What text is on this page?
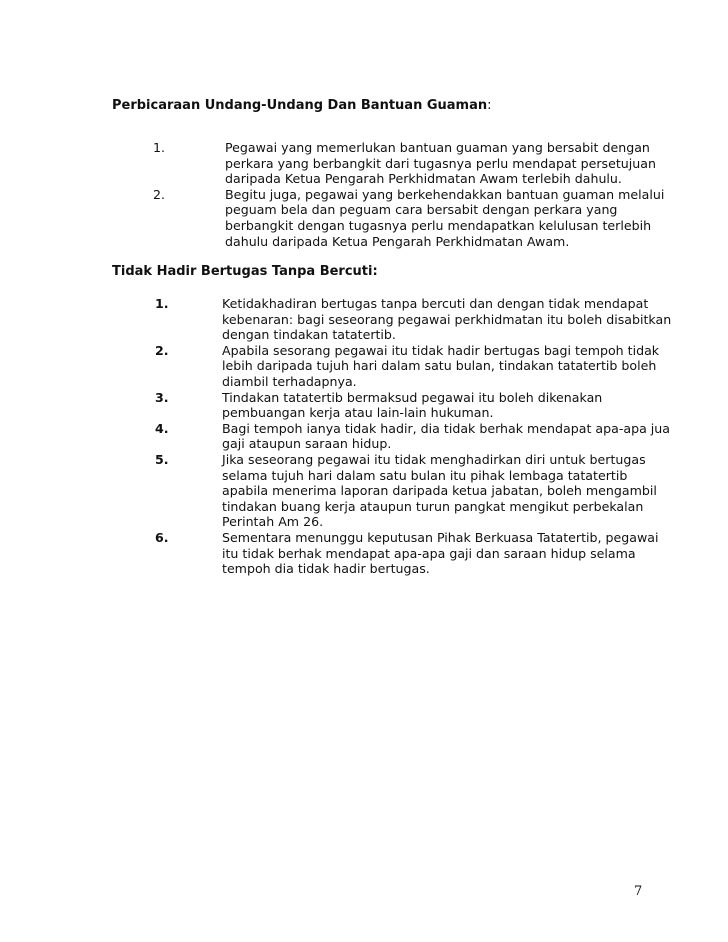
Perbicaraan Undang-Undang Dan Bantuan Guaman:
1.	Pegawai yang memerlukan bantuan guaman yang bersabit dengan perkara yang berbangkit dari tugasnya perlu mendapat persetujuan daripada Ketua Pengarah Perkhidmatan Awam terlebih dahulu.
2.	Begitu juga, pegawai yang berkehendakkan bantuan guaman melalui peguam bela dan peguam cara bersabit dengan perkara yang berbangkit dengan tugasnya perlu mendapatkan kelulusan terlebih dahulu daripada Ketua Pengarah Perkhidmatan Awam.
Tidak Hadir Bertugas Tanpa Bercuti:
1.	Ketidakhadiran bertugas tanpa bercuti dan dengan tidak mendapat kebenaran: bagi seseorang pegawai perkhidmatan itu boleh disabitkan dengan tindakan tatatertib.
2.	Apabila sesorang pegawai itu tidak hadir bertugas bagi tempoh tidak lebih daripada tujuh hari dalam satu bulan, tindakan tatatertib boleh diambil terhadapnya.
3.	Tindakan tatatertib bermaksud pegawai itu boleh dikenakan pembuangan kerja atau lain-lain hukuman.
4.	Bagi tempoh ianya tidak hadir, dia tidak berhak mendapat apa-apa jua gaji ataupun saraan hidup.
5.	Jika seseorang pegawai itu tidak menghadirkan diri untuk bertugas selama tujuh hari dalam satu bulan itu pihak lembaga tatatertib apabila menerima laporan daripada ketua jabatan, boleh mengambil tindakan buang kerja ataupun turun pangkat mengikut perbekalan Perintah Am 26.
6.	Sementara menunggu keputusan Pihak Berkuasa Tatatertib, pegawai itu tidak berhak mendapat apa-apa gaji dan saraan hidup selama tempoh dia tidak hadir bertugas.
7
